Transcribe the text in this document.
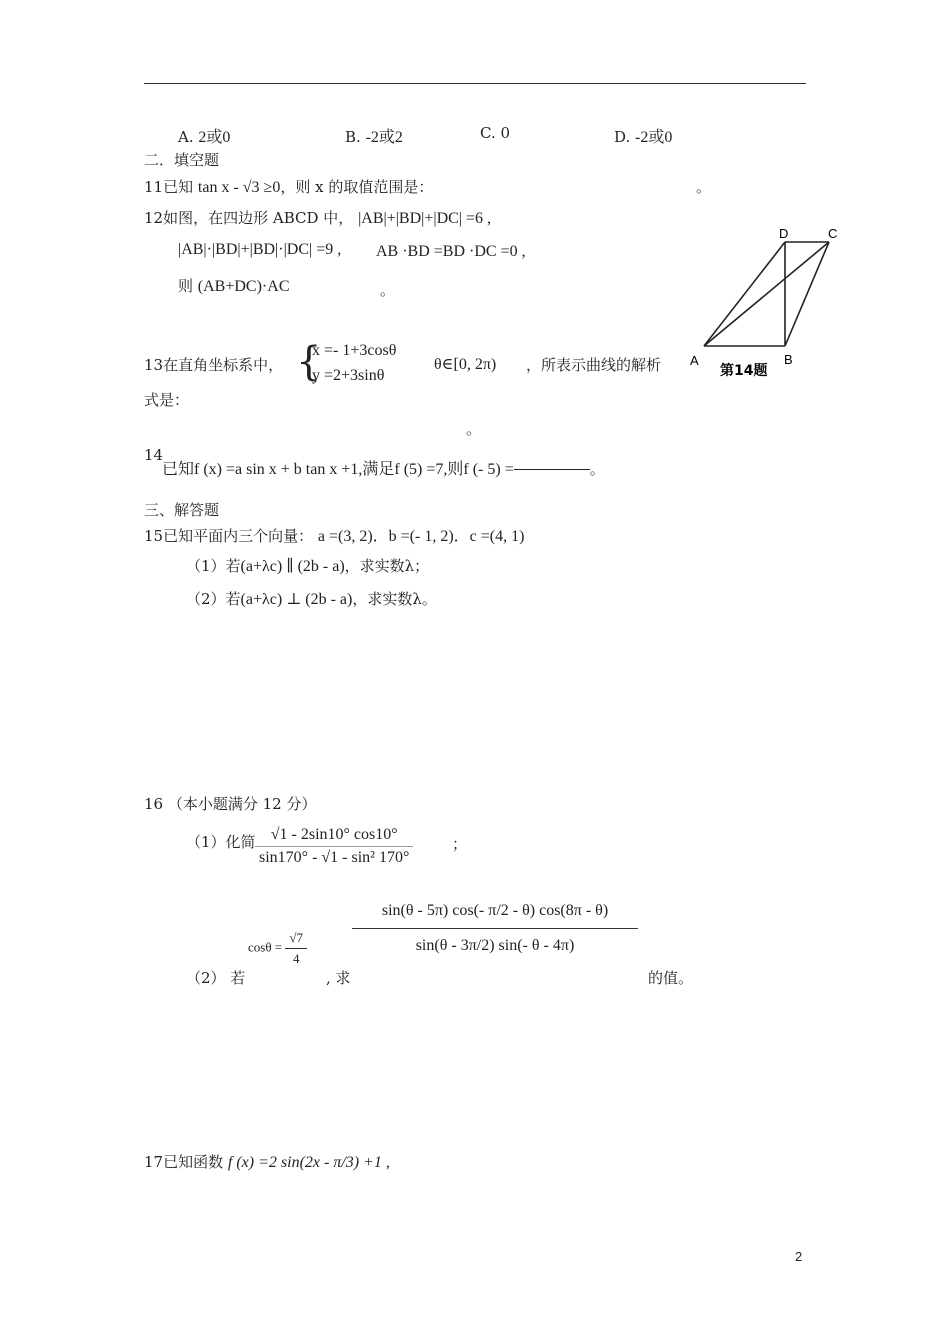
A. 2或0	B. -2或2	C. 0	D. -2或0
二．填空题
11已知 tan x - √3 ≥0，则 x 的取值范围是：	。
12如图，在四边形 ABCD 中， |AB|+|BD|+|DC| =6 ,
|AB|·|BD|+|BD|·|DC| =9 , AB ·BD =BD ·DC =0 ,
则 (AB+DC)·AC	。
A	B
C
D
第14题
13在直角坐标系中， {
x =- 1+3cosθ
y =2+3sinθ
θ∈[0, 2π) ，所表示曲线的解析
式是：
。
14
已知f (x) =a sin x + b tan x +1,满足f (5) =7,则f (- 5) =	。
三、解答题
15已知平面内三个向量： a =(3, 2)．b =(- 1, 2)．c =(4, 1)
（1）若(a+λc) ∥ (2b - a)，求实数λ；
（2）若(a+λc) ⊥ (2b - a)，求实数λ。
16 （本小题满分 12 分）
（1）化简 $\frac{√1 - 2\sin 10^\circ \cos 10^\circ}{\text{sin170° - √1 - sin² 170°}}$	；
$\cos\theta = \frac{√7}{4}$
（2） 若	, 求
$\frac{\sin(\theta - 5\pi) \cos(- \pi/2 - \theta) \cos(8\pi - \theta)}{\sin(\theta - 3\pi/2) \sin(- \theta - 4\pi)}$
的值。
17已知函数 f (x) =2 sin(2x - π/3) +1 ,
2
